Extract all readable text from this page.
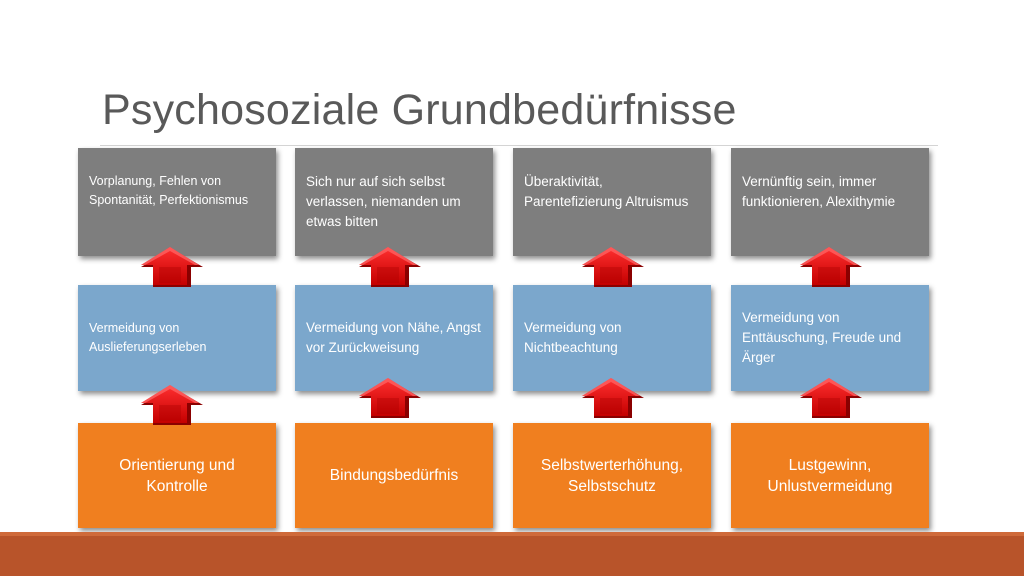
Psychosoziale Grundbedürfnisse
Vorplanung, Fehlen von Spontanität, Perfektionismus
Vermeidung von Auslieferungserleben
Orientierung und Kontrolle
Sich nur auf sich selbst verlassen, niemanden um etwas bitten
Vermeidung von Nähe, Angst vor Zurückweisung
Bindungsbedürfnis
Überaktivität, Parentefizierung Altruismus
Vermeidung von Nichtbeachtung
Selbstwerterhöhung, Selbstschutz
Vernünftig sein, immer funktionieren, Alexithymie
Vermeidung von Enttäuschung, Freude und Ärger
Lustgewinn, Unlustvermeidung
